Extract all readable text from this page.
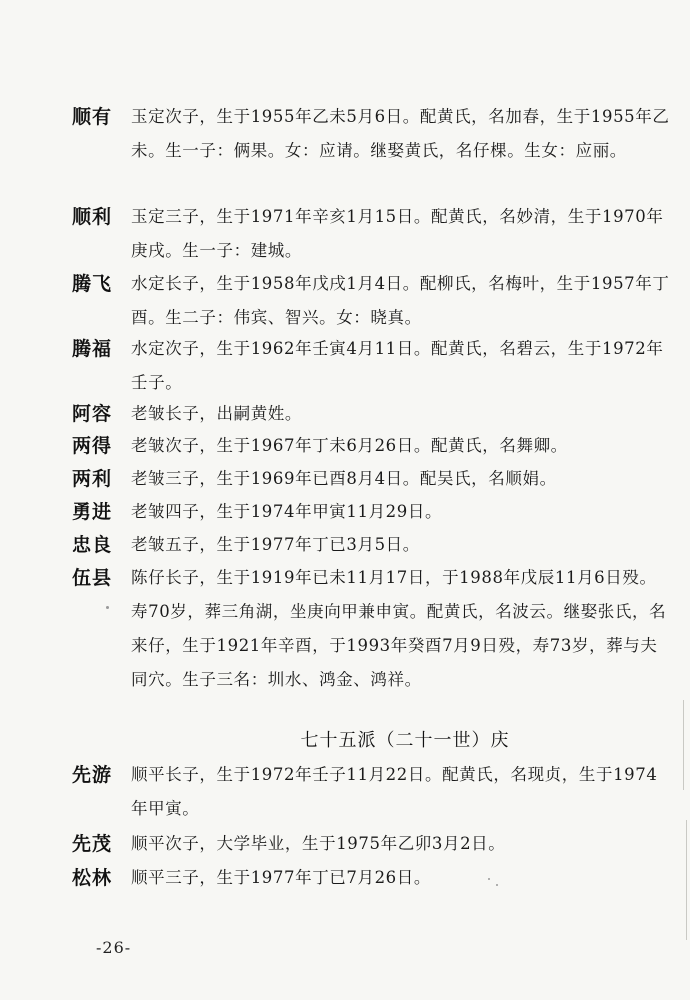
顺有 玉定次子，生于1955年乙未5月6日。配黄氏，名加春，生于1955年乙未。生一子：俩果。女：应请。继娶黄氏，名仔棵。生女：应丽。
顺利 玉定三子，生于1971年辛亥1月15日。配黄氏，名妙清，生于1970年庚戌。生一子：建城。
腾飞 水定长子，生于1958年戊戌1月4日。配柳氏，名梅叶，生于1957年丁酉。生二子：伟宾、智兴。女：晓真。
腾福 水定次子，生于1962年壬寅4月11日。配黄氏，名碧云，生于1972年壬子。
阿容 老皱长子，出嗣黄姓。
两得 老皱次子，生于1967年丁未6月26日。配黄氏，名舞卿。
两利 老皱三子，生于1969年已酉8月4日。配吴氏，名顺娟。
勇进 老皱四子，生于1974年甲寅11月29日。
忠良 老皱五子，生于1977年丁已3月5日。
伍县 陈仔长子，生于1919年已未11月17日，于1988年戊辰11月6日殁。寿70岁，葬三角湖，坐庚向甲兼申寅。配黄氏，名波云。继娶张氏，名来仔，生于1921年辛酉，于1993年癸酉7月9日殁，寿73岁，葬与夫同穴。生子三名：圳水、鸿金、鸿祥。
七十五派（二十一世）庆
先游 顺平长子，生于1972年壬子11月22日。配黄氏，名现贞，生于1974年甲寅。
先茂 顺平次子，大学毕业，生于1975年乙卯3月2日。
松林 顺平三子，生于1977年丁已7月26日。
-26-
